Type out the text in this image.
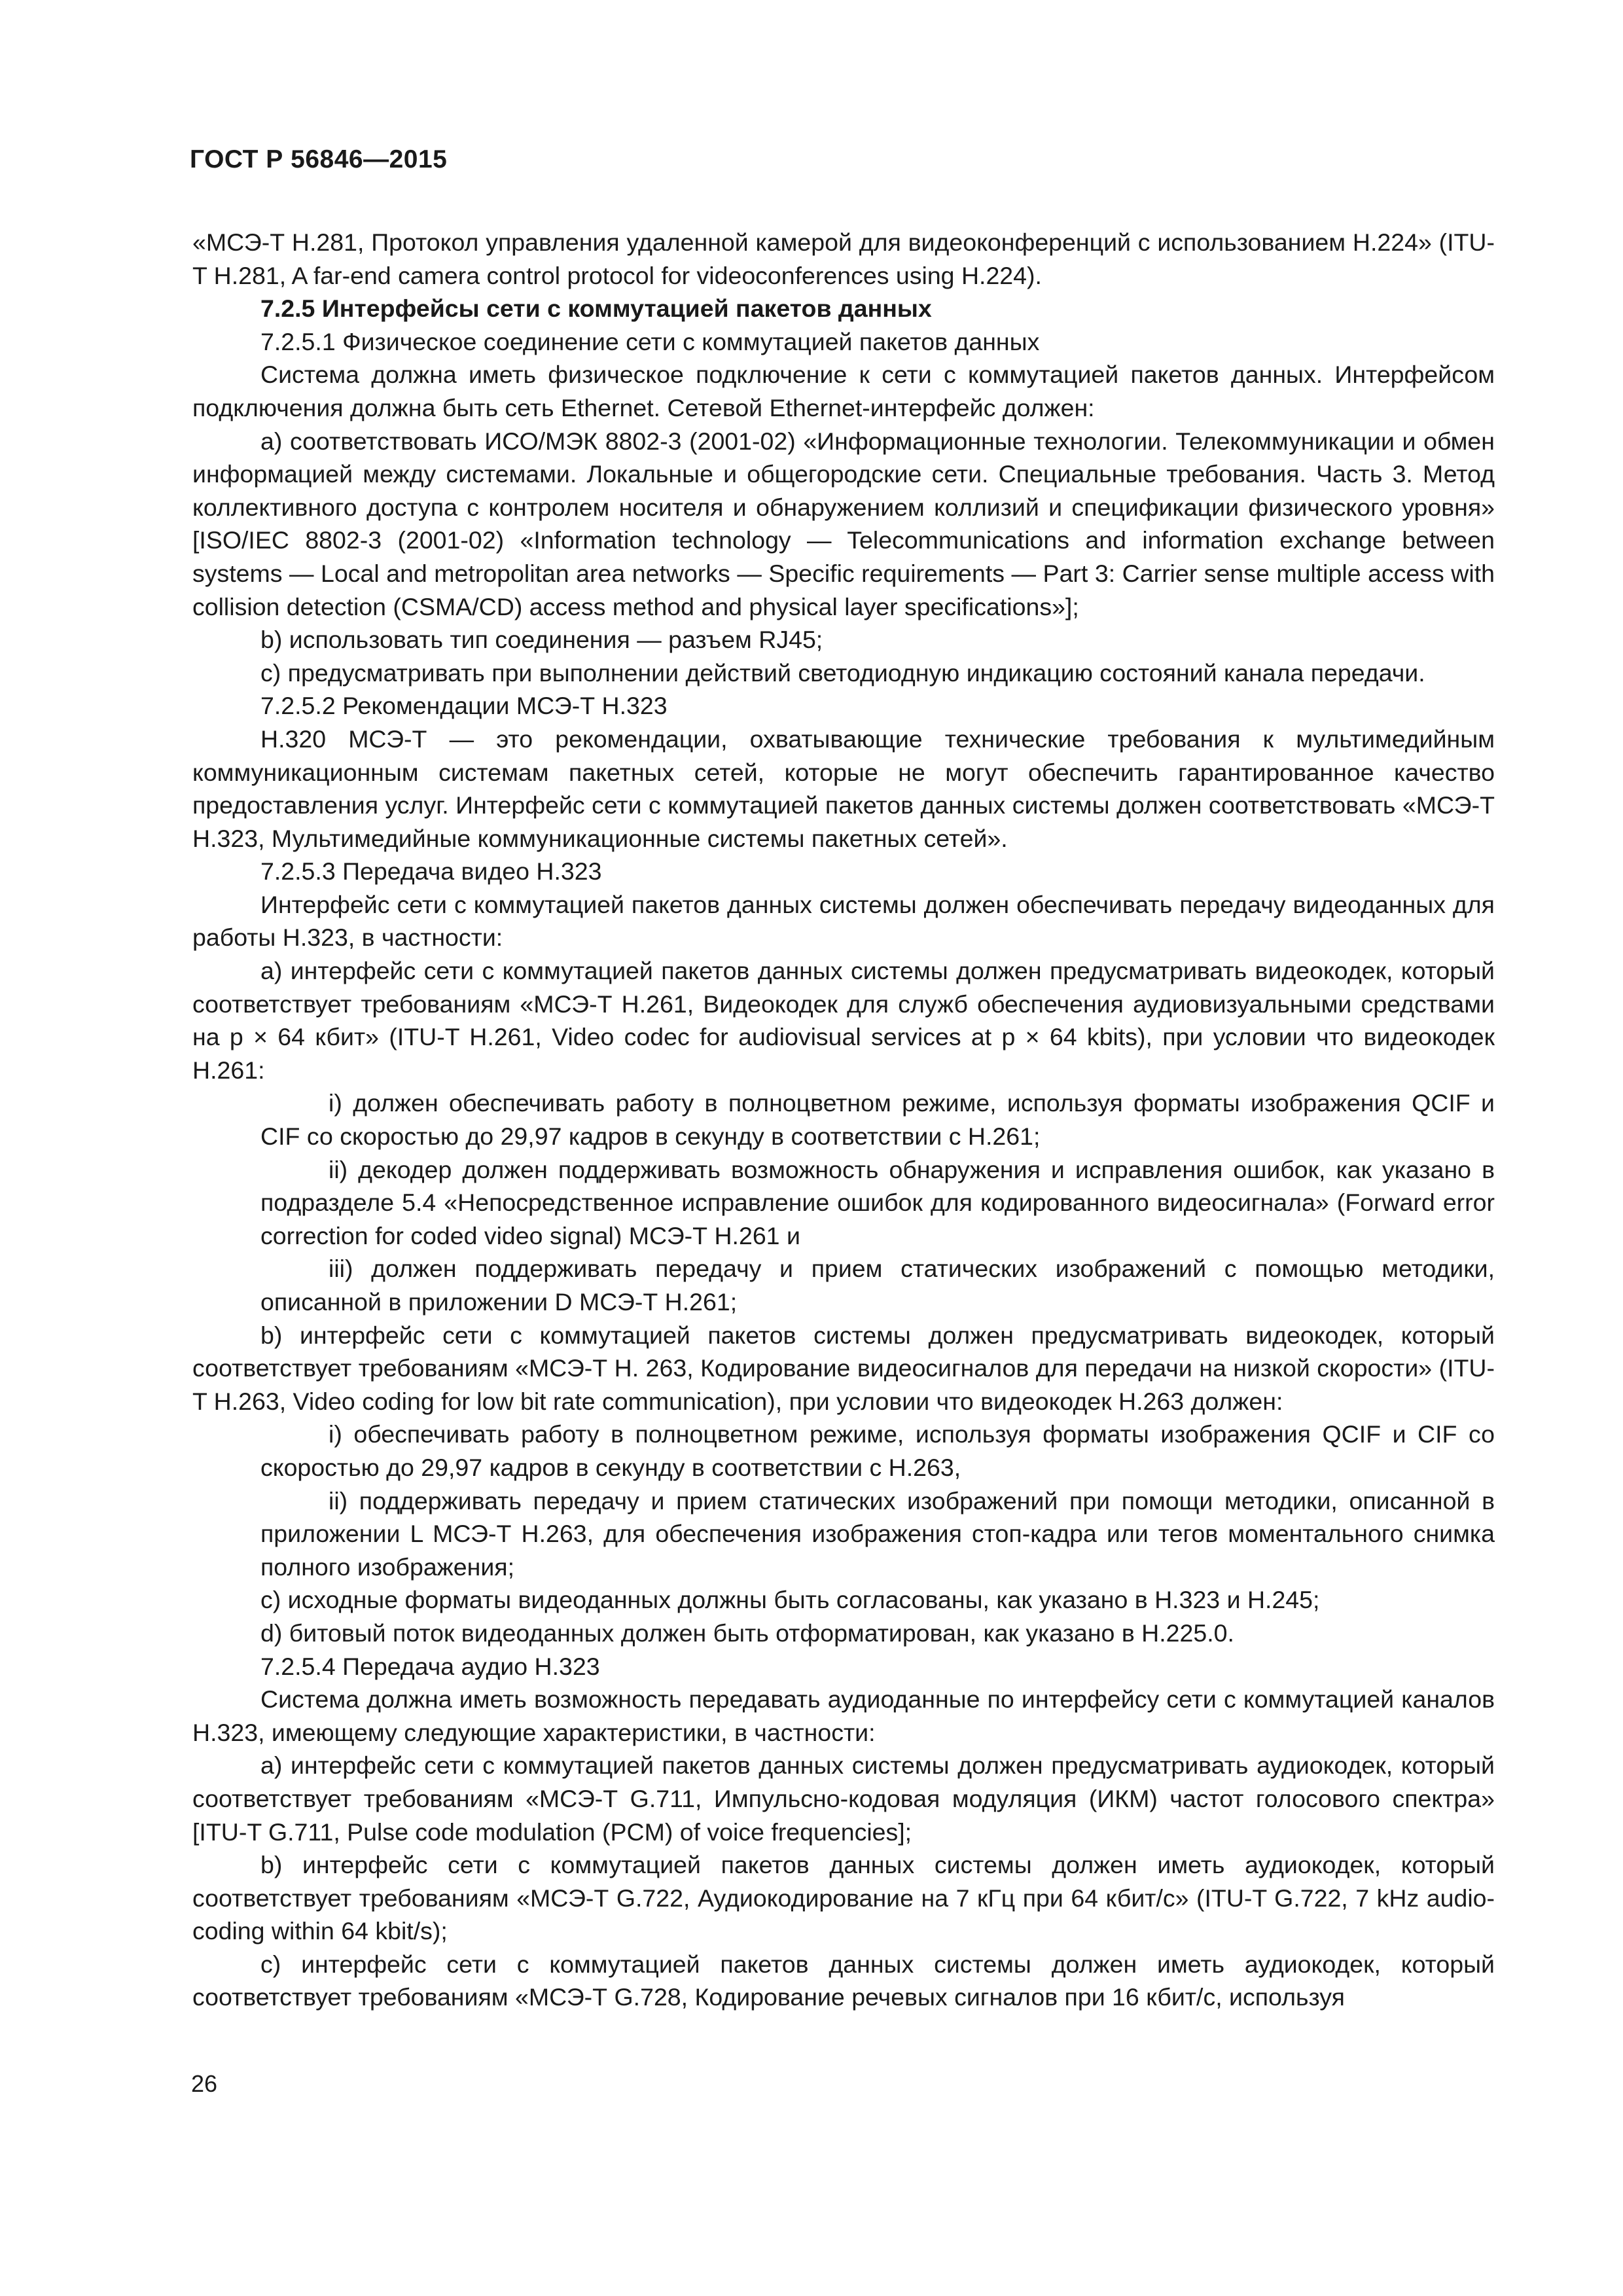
ГОСТ Р 56846—2015

«МСЭ-Т H.281, Протокол управления удаленной камерой для видеоконференций с использованием H.224» (ITU-T H.281, A far-end camera control protocol for videoconferences using H.224).

7.2.5 Интерфейсы сети с коммутацией пакетов данных

7.2.5.1 Физическое соединение сети с коммутацией пакетов данных

Система должна иметь физическое подключение к сети с коммутацией пакетов данных. Интерфейсом подключения должна быть сеть Ethernet. Сетевой Ethernet-интерфейс должен:

а) соответствовать ИСО/МЭК 8802-3 (2001-02) «Информационные технологии. Телекоммуникации и обмен информацией между системами. Локальные и общегородские сети. Специальные требования. Часть 3. Метод коллективного доступа с контролем носителя и обнаружением коллизий и спецификации физического уровня» [ISO/IEC 8802-3 (2001-02) «Information technology — Telecommunications and information exchange between systems — Local and metropolitan area networks — Specific requirements — Part 3: Carrier sense multiple access with collision detection (CSMA/CD) access method and physical layer specifications»];

b) использовать тип соединения — разъем RJ45;

c) предусматривать при выполнении действий светодиодную индикацию состояний канала передачи.

7.2.5.2 Рекомендации МСЭ-Т H.323

H.320 МСЭ-Т — это рекомендации, охватывающие технические требования к мультимедийным коммуникационным системам пакетных сетей, которые не могут обеспечить гарантированное качество предоставления услуг. Интерфейс сети с коммутацией пакетов данных системы должен соответствовать «МСЭ-Т H.323, Мультимедийные коммуникационные системы пакетных сетей».

7.2.5.3 Передача видео H.323

Интерфейс сети с коммутацией пакетов данных системы должен обеспечивать передачу видеоданных для работы H.323, в частности:

а) интерфейс сети с коммутацией пакетов данных системы должен предусматривать видеокодек, который соответствует требованиям «МСЭ-Т H.261, Видеокодек для служб обеспечения аудиовизуальными средствами на p × 64 кбит» (ITU-T H.261, Video codec for audiovisual services at p × 64 kbits), при условии что видеокодек H.261:

i) должен обеспечивать работу в полноцветном режиме, используя форматы изображения QCIF и CIF со скоростью до 29,97 кадров в секунду в соответствии с H.261;

ii) декодер должен поддерживать возможность обнаружения и исправления ошибок, как указано в подразделе 5.4 «Непосредственное исправление ошибок для кодированного видеосигнала» (Forward error correction for coded video signal) МСЭ-Т H.261 и

iii) должен поддерживать передачу и прием статических изображений с помощью методики, описанной в приложении D МСЭ-Т H.261;

b) интерфейс сети с коммутацией пакетов системы должен предусматривать видеокодек, который соответствует требованиям «МСЭ-Т H. 263, Кодирование видеосигналов для передачи на низкой скорости» (ITU-T H.263, Video coding for low bit rate communication), при условии что видеокодек H.263 должен:

i) обеспечивать работу в полноцветном режиме, используя форматы изображения QCIF и CIF со скоростью до 29,97 кадров в секунду в соответствии с H.263,

ii) поддерживать передачу и прием статических изображений при помощи методики, описанной в приложении L МСЭ-Т H.263, для обеспечения изображения стоп-кадра или тегов моментального снимка полного изображения;

c) исходные форматы видеоданных должны быть согласованы, как указано в H.323 и H.245;

d) битовый поток видеоданных должен быть отформатирован, как указано в H.225.0.

7.2.5.4 Передача аудио H.323

Система должна иметь возможность передавать аудиоданные по интерфейсу сети с коммутацией каналов H.323, имеющему следующие характеристики, в частности:

а) интерфейс сети с коммутацией пакетов данных системы должен предусматривать аудиокодек, который соответствует требованиям «МСЭ-Т G.711, Импульсно-кодовая модуляция (ИКМ) частот голосового спектра» [ITU-T G.711, Pulse code modulation (PCM) of voice frequencies];

b) интерфейс сети с коммутацией пакетов данных системы должен иметь аудиокодек, который соответствует требованиям «МСЭ-Т G.722, Аудиокодирование на 7 кГц при 64 кбит/с» (ITU-T G.722, 7 kHz audio-coding within 64 kbit/s);

c) интерфейс сети с коммутацией пакетов данных системы должен иметь аудиокодек, который соответствует требованиям «МСЭ-Т G.728, Кодирование речевых сигналов при 16 кбит/с, используя

26
